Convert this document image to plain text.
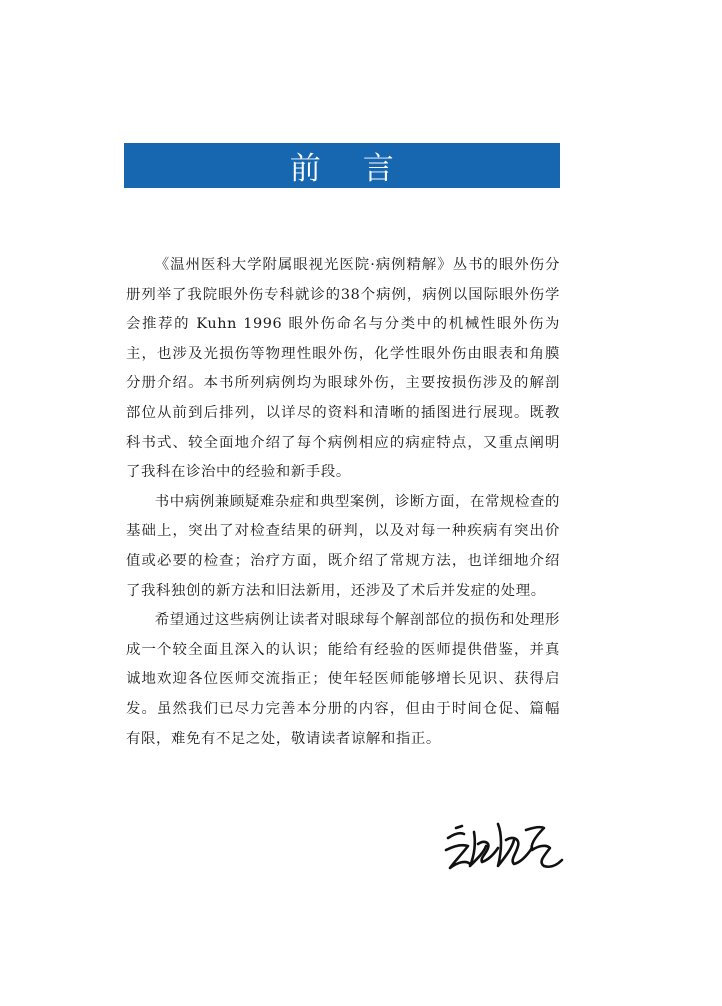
前    言

《温州医科大学附属眼视光医院·病例精解》丛书的眼外伤分册列举了我院眼外伤专科就诊的38个病例，病例以国际眼外伤学会推荐的 Kuhn 1996 眼外伤命名与分类中的机械性眼外伤为主，也涉及光损伤等物理性眼外伤，化学性眼外伤由眼表和角膜分册介绍。本书所列病例均为眼球外伤，主要按损伤涉及的解剖部位从前到后排列，以详尽的资料和清晰的插图进行展现。既教科书式、较全面地介绍了每个病例相应的病症特点，又重点阐明了我科在诊治中的经验和新手段。

书中病例兼顾疑难杂症和典型案例，诊断方面，在常规检查的基础上，突出了对检查结果的研判，以及对每一种疾病有突出价值或必要的检查；治疗方面，既介绍了常规方法，也详细地介绍了我科独创的新方法和旧法新用，还涉及了术后并发症的处理。

希望通过这些病例让读者对眼球每个解剖部位的损伤和处理形成一个较全面且深入的认识；能给有经验的医师提供借鉴，并真诚地欢迎各位医师交流指正；使年轻医师能够增长见识、获得启发。虽然我们已尽力完善本分册的内容，但由于时间仓促、篇幅有限，难免有不足之处，敬请读者谅解和指正。
